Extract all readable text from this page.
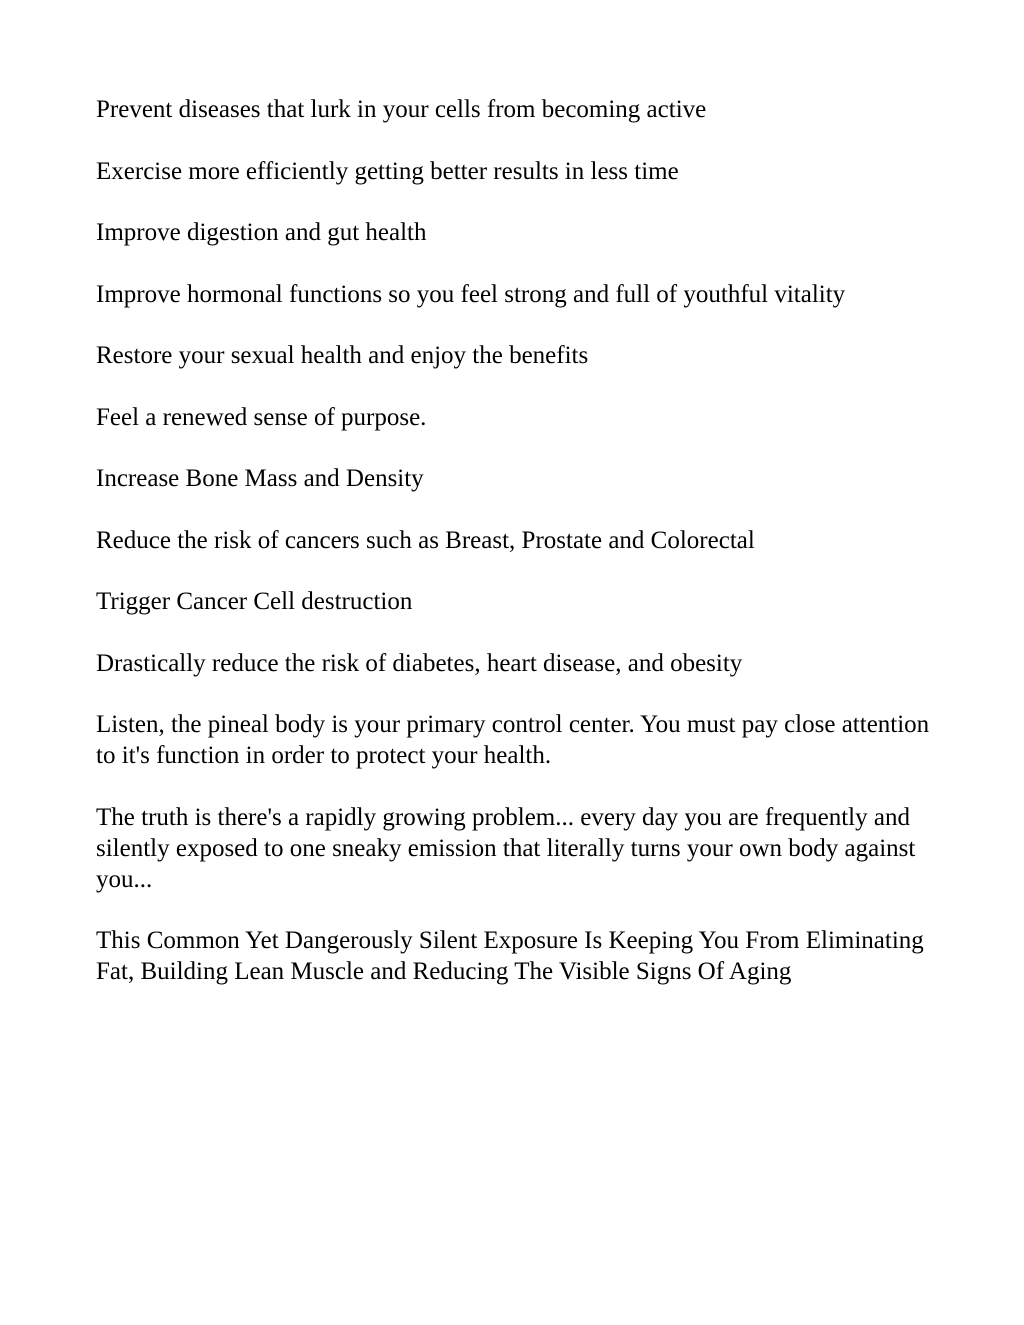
Prevent diseases that lurk in your cells from becoming active

Exercise more efficiently getting better results in less time

Improve digestion and gut health

Improve hormonal functions so you feel strong and full of youthful vitality

Restore your sexual health and enjoy the benefits

Feel a renewed sense of purpose.

Increase Bone Mass and Density

Reduce the risk of cancers such as Breast, Prostate and Colorectal

Trigger Cancer Cell destruction

Drastically reduce the risk of diabetes, heart disease, and obesity

Listen, the pineal body is your primary control center. You must pay close attention to it's function in order to protect your health.

The truth is there's a rapidly growing problem... every day you are frequently and silently exposed to one sneaky emission that literally turns your own body against you...

This Common Yet Dangerously Silent Exposure Is Keeping You From Eliminating Fat, Building Lean Muscle and Reducing The Visible Signs Of Aging
